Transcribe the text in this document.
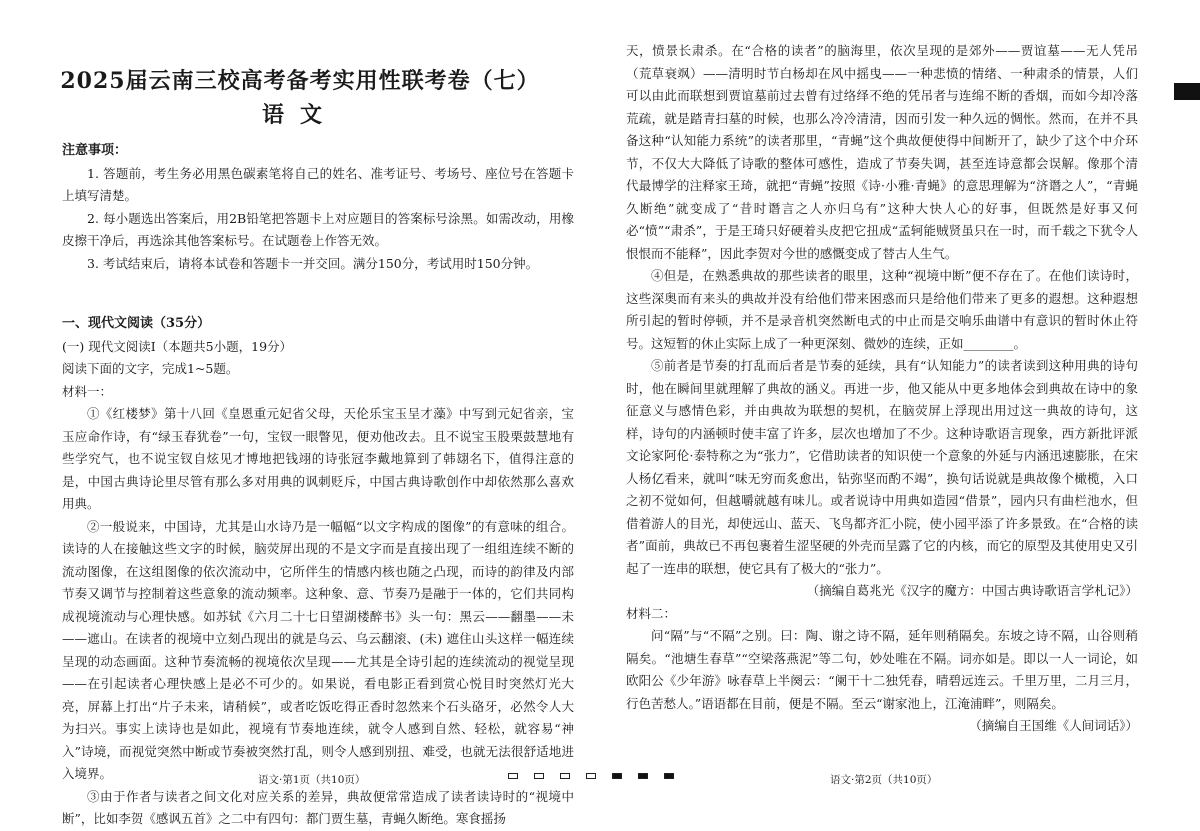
2025届云南三校高考备考实用性联考卷（七）
语文

注意事项：

1. 答题前，考生务必用黑色碳素笔将自己的姓名、准考证号、考场号、座位号在答题卡上填写清楚。

2. 每小题选出答案后，用2B铅笔把答题卡上对应题目的答案标号涂黑。如需改动，用橡皮擦干净后，再选涂其他答案标号。在试题卷上作答无效。

3. 考试结束后，请将本试卷和答题卡一并交回。满分150分，考试用时150分钟。

一、现代文阅读（35分）

(一) 现代文阅读Ⅰ（本题共5小题，19分）

阅读下面的文字，完成1~5题。

材料一：

①《红楼梦》第十八回《皇恩重元妃省父母，天伦乐宝玉呈才藻》中写到元妃省亲，宝玉应命作诗，有“绿玉春犹卷”一句，宝钗一眼瞥见，便劝他改去。且不说宝玉股栗鼓慧地有些学究气，也不说宝钗自炫见才博地把钱翊的诗张冠李戴地算到了韩翃名下，值得注意的是，中国古典诗论里尽管有那么多对用典的讽刺贬斥，中国古典诗歌创作中却依然那么喜欢用典。

②一般说来，中国诗，尤其是山水诗乃是一幅幅“以文字构成的图像”的有意味的组合。读诗的人在接触这些文字的时候，脑荧屏出现的不是文字而是直接出现了一组组连续不断的流动图像，在这组图像的依次流动中，它所伴生的情感内核也随之凸现，而诗的韵律及内部节奏又调节与控制着这些意象的流动频率。这种象、意、节奏乃是融于一体的，它们共同构成视境流动与心理快感。如苏轼《六月二十七日望湖楼醉书》头一句：黑云——翻墨——未——遮山。在读者的视境中立刻凸现出的就是乌云、乌云翻滚、(未) 遮住山头这样一幅连续呈现的动态画面。这种节奏流畅的视境依次呈现——尤其是全诗引起的连续流动的视觉呈现——在引起读者心理快感上是必不可少的。如果说，看电影正看到赏心悦目时突然灯光大亮，屏幕上打出“片子未来，请稍候”，或者吃饭吃得正香时忽然来个石头硌牙，必然令人大为扫兴。事实上读诗也是如此，视境有节奏地连续，就令人感到自然、轻松，就容易“神入”诗境，而视觉突然中断或节奏被突然打乱，则令人感到别扭、难受，也就无法很舒适地进入境界。

③由于作者与读者之间文化对应关系的差异，典故便常常造成了读者读诗时的“视境中断”，比如李贺《感讽五首》之二中有四句：都门贾生墓，青蝇久断绝。寒食摇扬

语文·第1页（共10页）

天，愤景长肃杀。在“合格的读者”的脑海里，依次呈现的是郊外——贾谊墓——无人凭吊（荒草衰飒）——清明时节白杨却在风中摇曳——一种悲愤的情绪、一种肃杀的情景，人们可以由此而联想到贾谊墓前过去曾有过络绎不绝的凭吊者与连绵不断的香烟，而如今却冷落荒疏，就是踏青扫墓的时候，也那么冷冷清清，因而引发一种久远的惆怅。然而，在并不具备这种“认知能力系统”的读者那里，“青蝇”这个典故便使得中间断开了，缺少了这个中介环节，不仅大大降低了诗歌的整体可感性，造成了节奏失调，甚至连诗意都会误解。像那个清代最博学的注释家王琦，就把“青蝇”按照《诗·小雅·青蝇》的意思理解为“济谮之人”，“青蝇久断绝”就变成了“昔时谮言之人亦归乌有”这种大快人心的好事，但既然是好事又何必“愤”“肃杀”，于是王琦只好硬着头皮把它扭成“孟轲能贼贤虽只在一时，而千载之下犹令人恨恨而不能释”，因此李贺对今世的感慨变成了替古人生气。

④但是，在熟悉典故的那些读者的眼里，这种“视境中断”便不存在了。在他们读诗时，这些深奥而有来头的典故并没有给他们带来困惑而只是给他们带来了更多的遐想。这种遐想所引起的暂时停顿，并不是录音机突然断电式的中止而是交响乐曲谱中有意识的暂时休止符号。这短暂的休止实际上成了一种更深刻、微妙的连续，正如________。

⑤前者是节奏的打乱而后者是节奏的延续，具有“认知能力”的读者读到这种用典的诗句时，他在瞬间里就理解了典故的涵义。再进一步，他又能从中更多地体会到典故在诗中的象征意义与感情色彩，并由典故为联想的契机，在脑荧屏上浮现出用过这一典故的诗句，这样，诗句的内涵顿时使丰富了许多，层次也增加了不少。这种诗歌语言现象，西方新批评派文论家阿伦·泰特称之为“张力”，它借助读者的知识使一个意象的外延与内涵迅速膨胀，在宋人杨亿看来，就叫“味无穷而炙愈出，钻弥坚而酌不竭”，换句话说就是典故像个橄榄，入口之初不觉如何，但越嚼就越有味儿。或者说诗中用典如造园“借景”，园内只有曲栏池水，但借着游人的目光，却使远山、蓝天、飞鸟都齐汇小院，使小园平添了许多景致。在“合格的读者”面前，典故已不再包裹着生涩坚硬的外壳而呈露了它的内核，而它的原型及其使用史又引起了一连串的联想，使它具有了极大的“张力”。

（摘编自葛兆光《汉字的魔方：中国古典诗歌语言学札记》）

材料二：

问“隔”与“不隔”之别。曰：陶、谢之诗不隔，延年则稍隔矣。东坡之诗不隔，山谷则稍隔矣。“池塘生春草”“空梁落燕泥”等二句，妙处唯在不隔。词亦如是。即以一人一词论，如欧阳公《少年游》咏春草上半阕云：“阑干十二独凭春，晴碧远连云。千里万里，二月三月，行色苦愁人。”语语都在目前，便是不隔。至云“谢家池上，江淹浦畔”，则隔矣。

（摘编自王国维《人间词话》）

语文·第2页（共10页）
